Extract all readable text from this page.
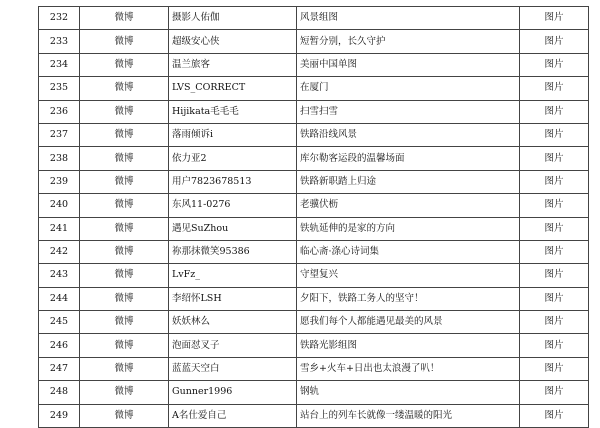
232	微博	摄影人佑伽	风景组图	图片
233	微博	超级安心侠	短暂分别，长久守护	图片
234	微博	温兰旅客	美丽中国单图	图片
235	微博	LVS_CORRECT	在厦门	图片
236	微博	Hijikata毛毛毛	扫雪扫雪	图片
237	微博	落雨倾诉i	铁路沿线风景	图片
238	微博	依力亚2	库尔勒客运段的温馨场面	图片
239	微博	用户7823678513	铁路新职踏上归途	图片
240	微博	东风11-0276	老骥伏枥	图片
241	微博	遇见SuZhou	铁轨延伸的是家的方向	图片
242	微博	祢那抹微笑95386	临心斋·涤心诗词集	图片
243	微博	LvFz_	守望复兴	图片
244	微博	李绍怀LSH	夕阳下，铁路工务人的坚守！	图片
245	微博	妖妖林么	愿我们每个人都能遇见最美的风景	图片
246	微博	泡面怼叉子	铁路光影组图	图片
247	微博	蓝蓝天空白	雪乡+火车+日出也太浪漫了叭！	图片
248	微博	Gunner1996	钢轨	图片
249	微博	A名仕爱自己	站台上的列车长就像一缕温暖的阳光	图片
